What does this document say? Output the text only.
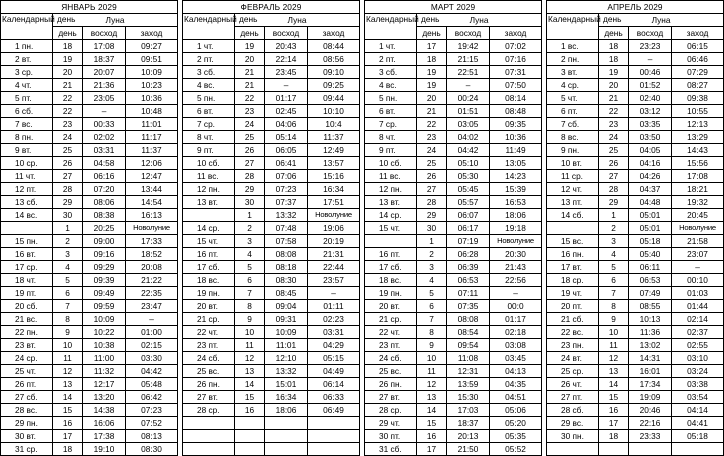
ЯНВАРЬ 2029			
Календарный день	Луна		
	день	восход	заход
1 пн.	18	17:08	09:27
2 вт.	19	18:37	09:51
3 ср.	20	20:07	10:09
4 чт.	21	21:36	10:23
5 пт.	22	23:05	10:36
6 сб.	22	–	10:48
7 вс.	23	00:33	11:01
8 пн.	24	02:02	11:17
9 вт.	25	03:31	11:37
10 ср.	26	04:58	12:06
11 чт.	27	06:16	12:47
12 пт.	28	07:20	13:44
13 сб.	29	08:06	14:54
14 вс.	30	08:38	16:13
	1	20:25	Новолуние
15 пн.	2	09:00	17:33
16 вт.	3	09:16	18:52
17 ср.	4	09:29	20:08
18 чт.	5	09:39	21:22
19 пт.	6	09:49	22:35
20 сб.	7	09:59	23:47
21 вс.	8	10:09	–
22 пн.	9	10:22	01:00
23 вт.	10	10:38	02:15
24 ср.	11	11:00	03:30
25 чт.	12	11:32	04:42
26 пт.	13	12:17	05:48
27 сб.	14	13:20	06:42
28 вс.	15	14:38	07:23
29 пн.	16	16:06	07:52
30 вт.	17	17:38	08:13
31 ср.	18	19:10	08:30
ФЕВРАЛЬ 2029			
Календарный день	Луна		
	день	восход	заход
1 чт.	19	20:43	08:44
2 пт.	20	22:14	08:56
3 сб.	21	23:45	09:10
4 вс.	21	–	09:25
5 пн.	22	01:17	09:44
6 вт.	23	02:45	10:10
7 ср.	24	04:06	10:4
8 чт.	25	05:14	11:37
9 пт.	26	06:05	12:49
10 сб.	27	06:41	13:57
11 вс.	28	07:06	15:16
12 пн.	29	07:23	16:34
13 вт.	30	07:37	17:51
	1	13:32	Новолуние
14 ср.	2	07:48	19:06
15 чт.	3	07:58	20:19
16 пт.	4	08:08	21:31
17 сб.	5	08:18	22:44
18 вс.	6	08:30	23:57
19 пн.	7	08:45	–
20 вт.	8	09:04	01:11
21 ср.	9	09:31	02:23
22 чт.	10	10:09	03:31
23 пт.	11	11:01	04:29
24 сб.	12	12:10	05:15
25 вс.	13	13:32	04:49
26 пн.	14	15:01	06:14
27 вт.	15	16:34	06:33
28 ср.	16	18:06	06:49

МАРТ 2029			
Календарный день	Луна		
	день	восход	заход
1 чт.	17	19:42	07:02
2 пт.	18	21:15	07:16
3 сб.	19	22:51	07:31
4 вс.	19	–	07:50
5 пн.	20	00:24	08:14
6 вт.	21	01:51	08:48
7 ср.	22	03:05	09:35
8 чт.	23	04:02	10:36
9 пт.	24	04:42	11:49
10 сб.	25	05:10	13:05
11 вс.	26	05:30	14:23
12 пн.	27	05:45	15:39
13 вт.	28	05:57	16:53
14 ср.	29	06:07	18:06
15 чт.	30	06:17	19:18
	1	07:19	Новолуние
16 пт.	2	06:28	20:30
17 сб.	3	06:39	21:43
18 вс.	4	06:53	22:56
19 пн.	5	07:11	–
20 вт.	6	07:35	00:0
21 ср.	7	08:08	01:17
22 чт.	8	08:54	02:18
23 пт.	9	09:54	03:08
24 сб.	10	11:08	03:45
25 вс.	11	12:31	04:13
26 пн.	12	13:59	04:35
27 вт.	13	15:30	04:51
28 ср.	14	17:03	05:06
29 чт.	15	18:37	05:20
30 пт.	16	20:13	05:35
31 сб.	17	21:50	05:52
АПРЕЛЬ 2029			
Календарный день	Луна		
	день	восход	заход
1 вс.	18	23:23	06:15
2 пн.	18	–	06:46
3 вт.	19	00:46	07:29
4 ср.	20	01:52	08:27
5 чт.	21	02:40	09:38
6 пт.	22	03:12	10:55
7 сб.	23	03:35	12:13
8 вс.	24	03:50	13:29
9 пн.	25	04:05	14:43
10 вт.	26	04:16	15:56
11 ср.	27	04:26	17:08
12 чт.	28	04:37	18:21
13 пт.	29	04:48	19:32
14 сб.	1	05:01	20:45
	2	05:01	Новолуние
15 вс.	3	05:18	21:58
16 пн.	4	05:40	23:07
17 вт.	5	06:11	–
18 ср.	6	06:53	00:10
19 чт.	7	07:49	01:03
20 пт.	8	08:55	01:44
21 сб.	9	10:13	02:14
22 вс.	10	11:36	02:37
23 пн.	11	13:02	02:55
24 вт.	12	14:31	03:10
25 ср.	13	16:01	03:24
26 чт.	14	17:34	03:38
27 пт.	15	19:09	03:54
28 сб.	16	20:46	04:14
29 вс.	17	22:16	04:41
30 пн.	18	23:33	05:18
